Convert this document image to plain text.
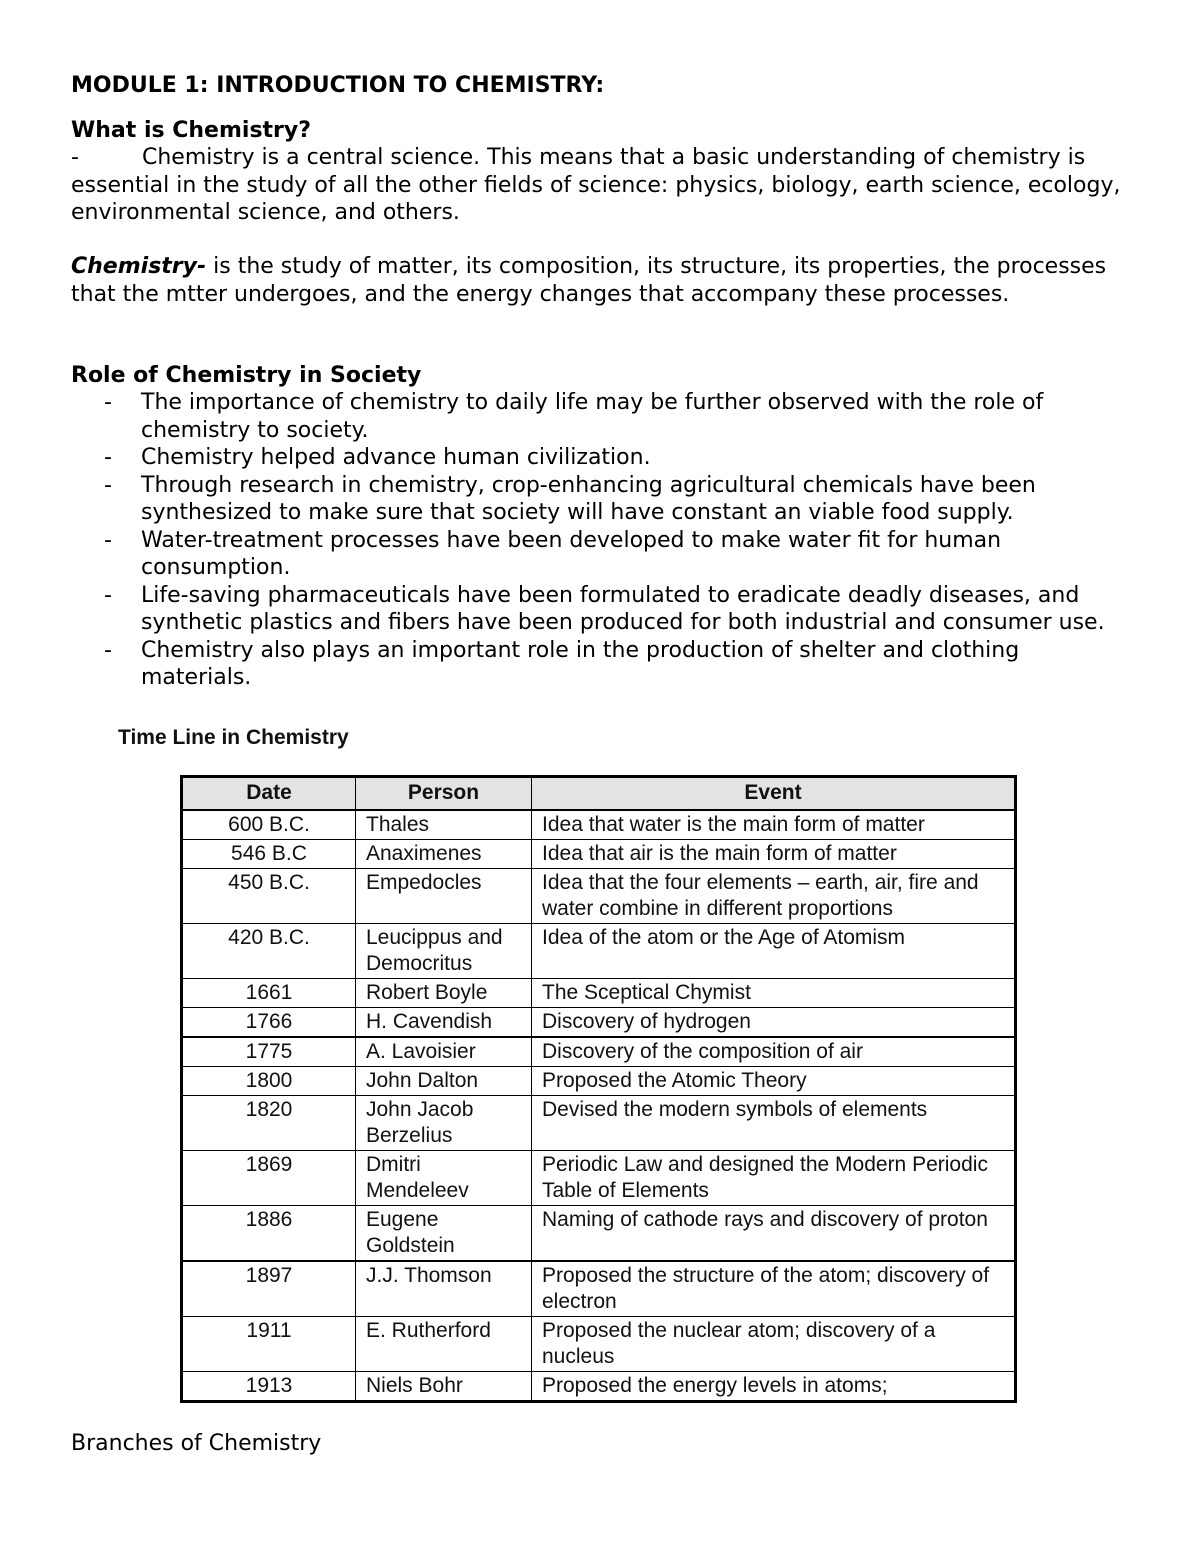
MODULE 1: INTRODUCTION TO CHEMISTRY:
What is Chemistry?
-	Chemistry is a central science. This means that a basic understanding of chemistry is essential in the study of all the other fields of science: physics, biology, earth science, ecology, environmental science, and others.
Chemistry- is the study of matter, its composition, its structure, its properties, the processes that the mtter undergoes, and the energy changes that accompany these processes.
Role of Chemistry in Society
- The importance of chemistry to daily life may be further observed with the role of chemistry to society.
- Chemistry helped advance human civilization.
- Through research in chemistry, crop-enhancing agricultural chemicals have been synthesized to make sure that society will have constant an viable food supply.
- Water-treatment processes have been developed to make water fit for human consumption.
- Life-saving pharmaceuticals have been formulated to eradicate deadly diseases, and synthetic plastics and fibers have been produced for both industrial and consumer use.
- Chemistry also plays an important role in the production of shelter and clothing materials.
Time Line in Chemistry
Date	Person	Event
600 B.C.	Thales	Idea that water is the main form of matter
546 B.C	Anaximenes	Idea that air is the main form of matter
450 B.C.	Empedocles	Idea that the four elements – earth, air, fire and water combine in different proportions
420 B.C.	Leucippus and Democritus	Idea of the atom or the Age of Atomism
1661	Robert Boyle	The Sceptical Chymist
1766	H. Cavendish	Discovery of hydrogen
1775	A. Lavoisier	Discovery of the composition of air
1800	John Dalton	Proposed the Atomic Theory
1820	John Jacob Berzelius	Devised the modern symbols of elements
1869	Dmitri Mendeleev	Periodic Law and designed the Modern Periodic Table of Elements
1886	Eugene Goldstein	Naming of cathode rays and discovery of proton
1897	J.J. Thomson	Proposed the structure of the atom; discovery of electron
1911	E. Rutherford	Proposed the nuclear atom; discovery of a nucleus
1913	Niels Bohr	Proposed the energy levels in atoms;
Branches of Chemistry
